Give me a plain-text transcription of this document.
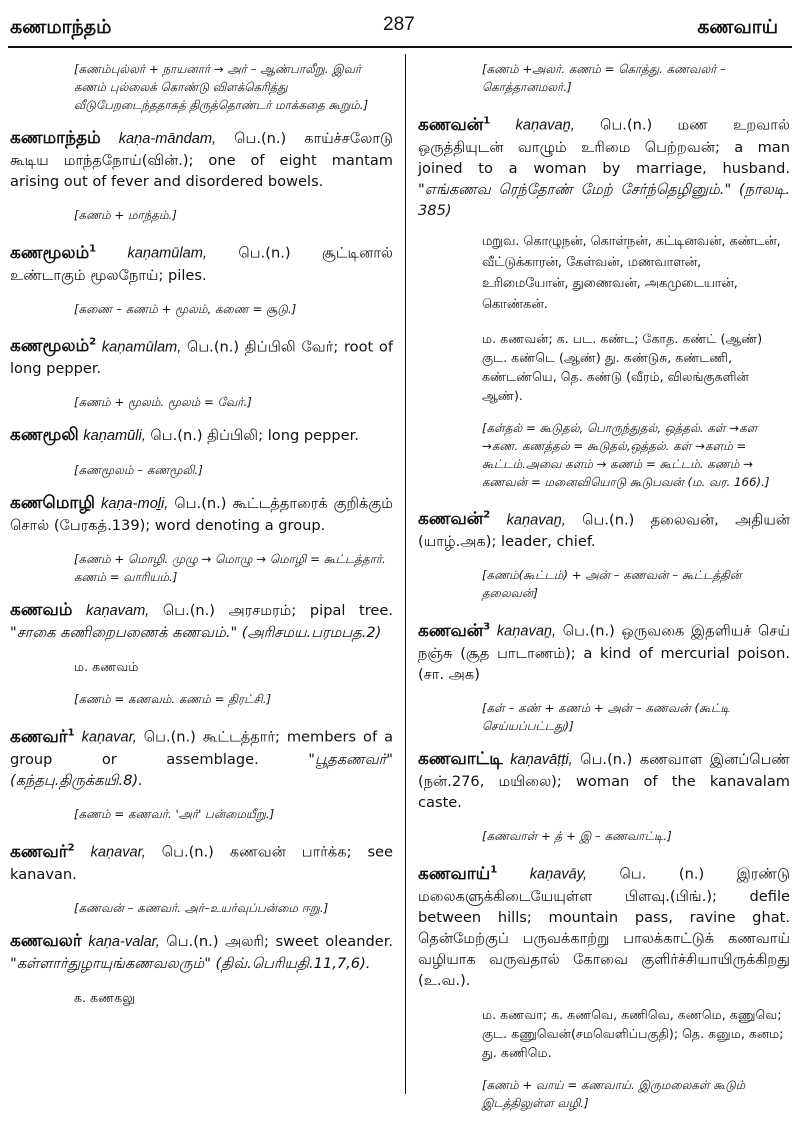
கணமாந்தம்	287	கணவாய்
[கணம்புல்லர் + நாயனார் → அர் – ஆண்பாலீறு. இவர் கணம் புல்லைக் கொண்டு விளக்கெரித்து வீடுபேறடைந்ததாகத் திருத்தொண்டர் மாக்கதை கூறும்.]
கணமாந்தம் kaṇa-māndam, பெ.(n.) காய்ச்சலோடு கூடிய மாந்தநோய்(வின்.); one of eight mantam arising out of fever and disordered bowels.
[கணம் + மாந்தம்.]
கணமூலம்$^1$ kaṇamūlam, பெ.(n.) சூட்டினால் உண்டாகும் மூலநோய்; piles.
[கணை – கணம் + மூலம், கணை = சூடு.]
கணமூலம்$^2$ kaṇamūlam, பெ.(n.) திப்பிலி வேர்; root of long pepper.
[கணம் + மூலம். மூலம் = வேர்.]
கணமூலி kaṇamūli, பெ.(n.) திப்பிலி; long pepper.
[கணமூலம் – கணமூலி.]
கணமொழி kaṇa-moḻi, பெ.(n.) கூட்டத்தாரைக் குறிக்கும் சொல் (பேரகத்.139); word denoting a group.
[கணம் + மொழி. முழு → மொழு → மொழி = கூட்டத்தார். கணம் = வாரியம்.]
கணவம் kaṇavam, பெ.(n.) அரசமரம்; pipal tree. "சாகை கணிறைபணைக் கணவம்." (அரிசமய.பரமபத.2)
ம. கணவம்
[கணம் = கணவம். கணம் = திரட்சி.]
கணவர்$^1$ kaṇavar, பெ.(n.) கூட்டத்தார்; members of a group or assemblage.	"பூதகணவர்" (கந்தபு.திருக்கயி.8).
[கணம் = கணவர். 'அர்' பன்மையீறு.]
கணவர்$^2$ kaṇavar, பெ.(n.) கணவன் பார்க்க; see kanavan.
[கணவன் – கணவர். அர்–உயர்வுப்பன்மை ஈறு.]
கணவலர் kaṇa-valar, பெ.(n.) அலரி; sweet oleander. "கள்ளார்துழாயுங்கணவலரும்" (திவ்.பெரியதி.11,7,6).
க. கணகலு
[கணம் +அலர். கணம் = கொத்து. கணவலர் – கொத்தானமலர்.]
கணவன்$^1$ kaṇavaṉ, பெ.(n.) மண உறவால் ஒருத்தியுடன் வாழும் உரிமை பெற்றவன்; a man joined to a woman by marriage, husband. "எங்கணவ ரெந்தோண் மேற் சேர்ந்தெழினும்." (நாலடி. 385)
மறுவ. கொழுநன், கொள்நன், கட்டினவன், கண்டன், வீட்டுக்காரன், கேள்வன், மணவாளன், உரிமையோன், துணைவன், அகமுடையான், கொண்கன்.
ம. கணவன்; க. பட. கண்ட; கோத. கண்ட் (ஆண்) குட. கண்டெ (ஆண்) து. கண்டுசு, கண்டணி, கண்டண்யெ, தெ. கண்டு (வீரம், விலங்குகளின் ஆண்).
[கள்தல் = கூடுதல், பொருந்துதல், ஒத்தல். கள் →கள →கண. கணத்தல் = கூடுதல்,ஒத்தல். கள் →களம் = கூட்டம்.அவை களம் → கணம் = கூட்டம். கணம் → கணவன் = மனைவியொடு கூடுபவன் (ம. வர. 166).]
கணவன்$^2$ kaṇavaṉ, பெ.(n.) தலைவன், அதியன் (யாழ்.அக); leader, chief.
[கணம்(கூட்டம்) + அன் – கணவன் – கூட்டத்தின் தலைவன்]
கணவன்$^3$ kaṇavaṉ, பெ.(n.) ஒருவகை இதளியச் செய் நஞ்சு (சூத பாடாணம்); a kind of mercurial poison. (சா. அக)
[கள் – கண் + கணம் + அன் – கணவன் (கூட்டி செய்யப்பட்டது)]
கணவாட்டி kaṇavāṭṭi, பெ.(n.) கணவாள இனப்பெண் (நன்.276, மயிலை); woman of the kanavalam caste.
[கணவாள் + த் + இ – கணவாட்டி.]
கணவாய்$^1$ kaṇavāy, பெ. (n.) இரண்டு மலைகளுக்கிடையேயுள்ள பிளவு.(பிங்.); defile between hills; mountain pass, ravine ghat. தென்மேற்குப் பருவக்காற்று பாலக்காட்டுக் கணவாய் வழியாக வருவதால் கோவை குளிர்ச்சியாயிருக்கிறது (உ.வ.).
ம. கணவா; க. கணவெ, கணிவெ, கணமெ, கணுவெ; குட. கணுவென்(சமவெளிப்பகுதி); தெ. கனும, கனம; து. கணிமெ.
[கணம் + வாய் = கணவாய். இருமலைகள் கூடும் இடத்திலுள்ள வழி.]
